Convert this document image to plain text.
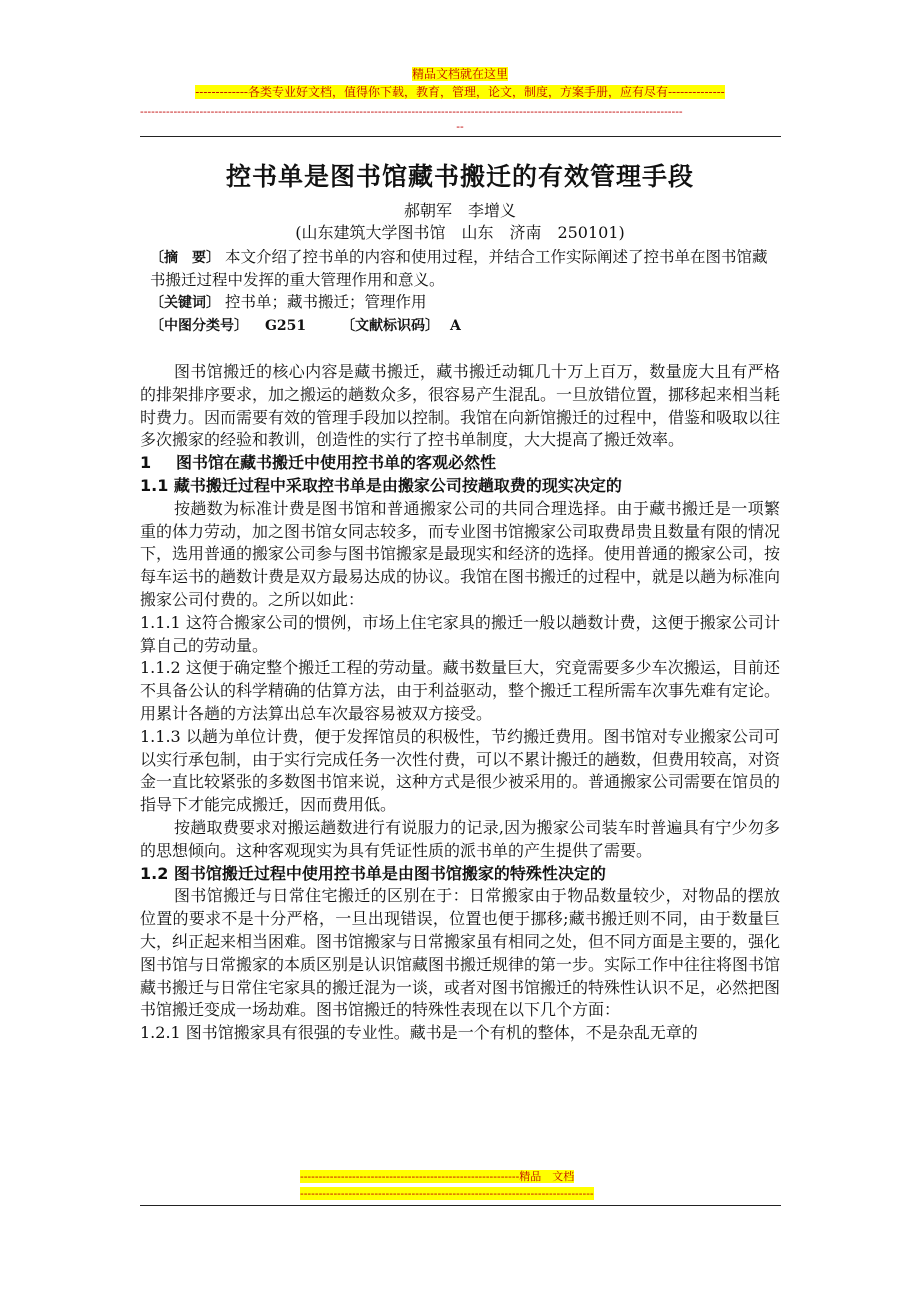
精品文档就在这里
-------------各类专业好文档，值得你下载，教育，管理，论文，制度，方案手册，应有尽有--------------
--------------------------------------------------------------------------------------------------------------------------------------------------
--
控书单是图书馆藏书搬迁的有效管理手段
郝朝军　李增义
(山东建筑大学图书馆　山东　济南　250101)
〔摘　要〕 本文介绍了控书单的内容和使用过程，并结合工作实际阐述了控书单在图书馆藏书搬迁过程中发挥的重大管理作用和意义。
〔关键词〕 控书单；藏书搬迁；管理作用
〔中图分类号〕 G251 〔文献标识码〕 A

图书馆搬迁的核心内容是藏书搬迁，藏书搬迁动辄几十万上百万，数量庞大且有严格的排架排序要求，加之搬运的趟数众多，很容易产生混乱。一旦放错位置，挪移起来相当耗时费力。因而需要有效的管理手段加以控制。我馆在向新馆搬迁的过程中，借鉴和吸取以往多次搬家的经验和教训，创造性的实行了控书单制度，大大提高了搬迁效率。

1 图书馆在藏书搬迁中使用控书单的客观必然性
1.1 藏书搬迁过程中采取控书单是由搬家公司按趟取费的现实决定的

按趟数为标准计费是图书馆和普通搬家公司的共同合理选择。由于藏书搬迁是一项繁重的体力劳动，加之图书馆女同志较多，而专业图书馆搬家公司取费昂贵且数量有限的情况下，选用普通的搬家公司参与图书馆搬家是最现实和经济的选择。使用普通的搬家公司，按每车运书的趟数计费是双方最易达成的协议。我馆在图书搬迁的过程中，就是以趟为标准向搬家公司付费的。之所以如此：

1.1.1 这符合搬家公司的惯例，市场上住宅家具的搬迁一般以趟数计费，这便于搬家公司计算自己的劳动量。

1.1.2 这便于确定整个搬迁工程的劳动量。藏书数量巨大，究竟需要多少车次搬运，目前还不具备公认的科学精确的估算方法，由于利益驱动，整个搬迁工程所需车次事先难有定论。用累计各趟的方法算出总车次最容易被双方接受。

1.1.3 以趟为单位计费，便于发挥馆员的积极性，节约搬迁费用。图书馆对专业搬家公司可以实行承包制，由于实行完成任务一次性付费，可以不累计搬迁的趟数，但费用较高，对资金一直比较紧张的多数图书馆来说，这种方式是很少被采用的。普通搬家公司需要在馆员的指导下才能完成搬迁，因而费用低。

按趟取费要求对搬运趟数进行有说服力的记录,因为搬家公司装车时普遍具有宁少勿多的思想倾向。这种客观现实为具有凭证性质的派书单的产生提供了需要。

1.2 图书馆搬迁过程中使用控书单是由图书馆搬家的特殊性决定的

图书馆搬迁与日常住宅搬迁的区别在于：日常搬家由于物品数量较少，对物品的摆放位置的要求不是十分严格，一旦出现错误，位置也便于挪移;藏书搬迁则不同，由于数量巨大，纠正起来相当困难。图书馆搬家与日常搬家虽有相同之处，但不同方面是主要的，强化图书馆与日常搬家的本质区别是认识馆藏图书搬迁规律的第一步。实际工作中往往将图书馆藏书搬迁与日常住宅家具的搬迁混为一谈，或者对图书馆搬迁的特殊性认识不足，必然把图书馆搬迁变成一场劫难。图书馆搬迁的特殊性表现在以下几个方面：

1.2.1 图书馆搬家具有很强的专业性。藏书是一个有机的整体，不是杂乱无章的

-----------------------------------------------------------精品　文档
-------------------------------------------------------------------------------
